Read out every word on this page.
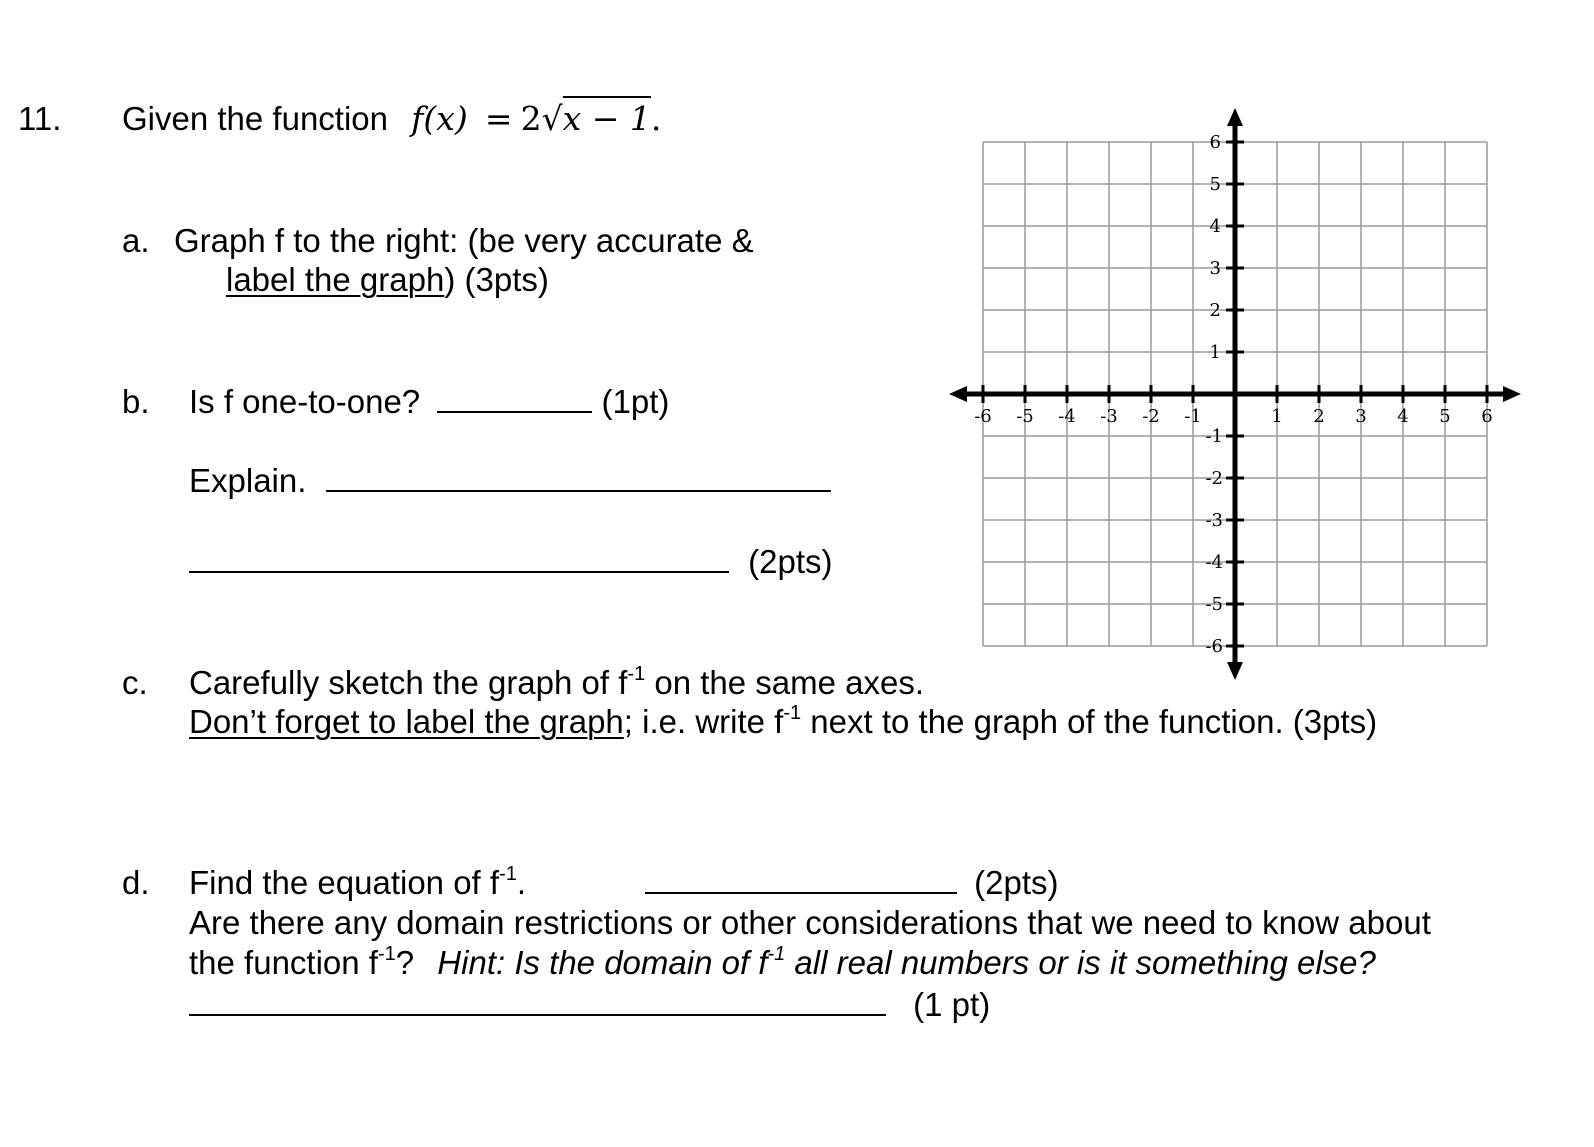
11. Given the function f(x) = 2√x − 1.
a. Graph f to the right: (be very accurate &
label the graph) (3pts)
b. Is f one-to-one?	(1pt)
Explain.
(2pts)
c. Carefully sketch the graph of $f^{-1}$ on the same axes.
Don’t forget to label the graph; i.e. write $f^{-1}$ next to the graph of the function. (3pts)
d. Find the equation of $f^{-1}$.	(2pts)
Are there any domain restrictions or other considerations that we need to know about
the function $f^{-1}$? Hint: Is the domain of $f^{-1}$ all real numbers or is it something else?
(1 pt)
-6 -5 -4 -3 -2 -1	1 2 3 4 5 6
6
5
4
3
2
1
-1
-2
-3
-4
-5
-6
